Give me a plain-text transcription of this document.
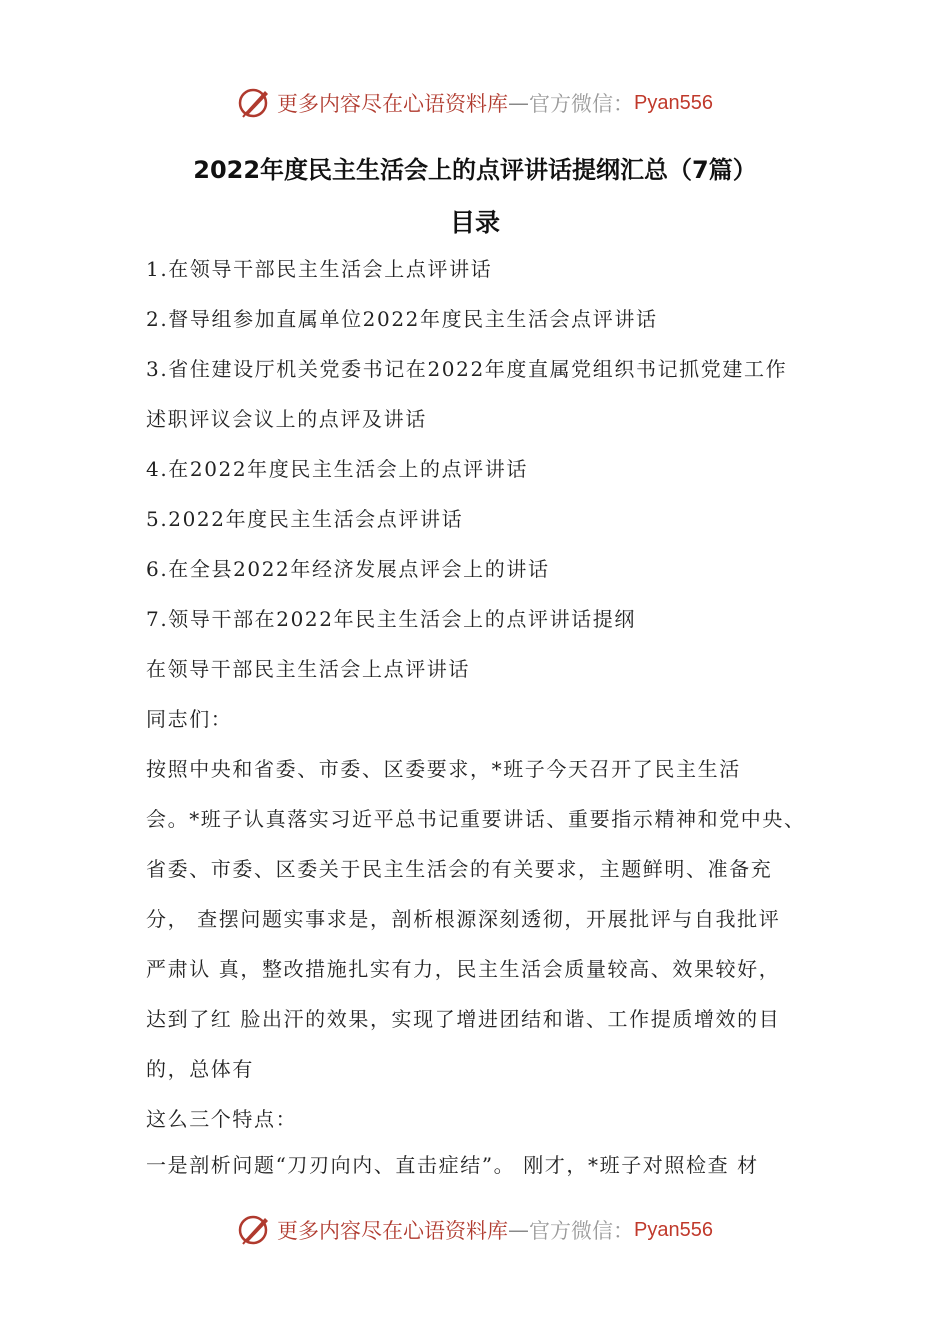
更多内容尽在心语资料库 — 官方微信： Pyan556
2022年度民主生活会上的点评讲话提纲汇总（7篇）
目录
1.在领导干部民主生活会上点评讲话
2.督导组参加直属单位2022年度民主生活会点评讲话
3.省住建设厅机关党委书记在2022年度直属党组织书记抓党建工作
述职评议会议上的点评及讲话
4.在2022年度民主生活会上的点评讲话
5.2022年度民主生活会点评讲话
6.在全县2022年经济发展点评会上的讲话
7.领导干部在2022年民主生活会上的点评讲话提纲
在领导干部民主生活会上点评讲话
同志们：
按照中央和省委、市委、区委要求，*班子今天召开了民主生活
会。*班子认真落实习近平总书记重要讲话、重要指示精神和党中央、
省委、市委、区委关于民主生活会的有关要求，主题鲜明、准备充
分， 查摆问题实事求是，剖析根源深刻透彻，开展批评与自我批评
严肃认 真，整改措施扎实有力，民主生活会质量较高、效果较好，
达到了红 脸出汗的效果，实现了增进团结和谐、工作提质增效的目
的，总体有
这么三个特点：
一是剖析问题“刀刃向内、直击症结”。 刚才，*班子对照检查 材
更多内容尽在心语资料库 — 官方微信： Pyan556
